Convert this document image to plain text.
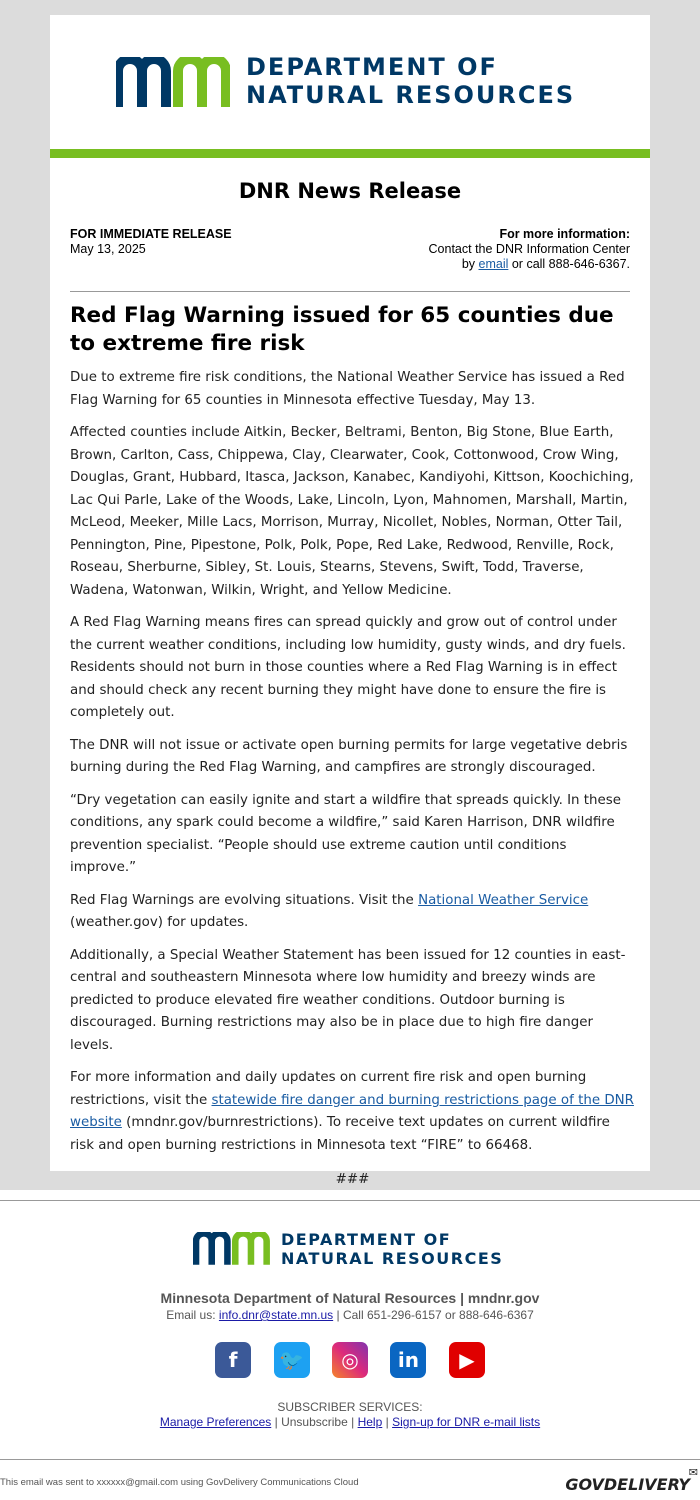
DEPARTMENT OF
NATURAL RESOURCES
DNR News Release
FOR IMMEDIATE RELEASE
May 13, 2025
For more information:
Contact the DNR Information Center
by email or call 888-646-6367.
Red Flag Warning issued for 65 counties due to extreme fire risk

Due to extreme fire risk conditions, the National Weather Service has issued a Red Flag Warning for 65 counties in Minnesota effective Tuesday, May 13.

Affected counties include Aitkin, Becker, Beltrami, Benton, Big Stone, Blue Earth, Brown, Carlton, Cass, Chippewa, Clay, Clearwater, Cook, Cottonwood, Crow Wing, Douglas, Grant, Hubbard, Itasca, Jackson, Kanabec, Kandiyohi, Kittson, Koochiching, Lac Qui Parle, Lake of the Woods, Lake, Lincoln, Lyon, Mahnomen, Marshall, Martin, McLeod, Meeker, Mille Lacs, Morrison, Murray, Nicollet, Nobles, Norman, Otter Tail, Pennington, Pine, Pipestone, Polk, Polk, Pope, Red Lake, Redwood, Renville, Rock, Roseau, Sherburne, Sibley, St. Louis, Stearns, Stevens, Swift, Todd, Traverse, Wadena, Watonwan, Wilkin, Wright, and Yellow Medicine.

A Red Flag Warning means fires can spread quickly and grow out of control under the current weather conditions, including low humidity, gusty winds, and dry fuels. Residents should not burn in those counties where a Red Flag Warning is in effect and should check any recent burning they might have done to ensure the fire is completely out.

The DNR will not issue or activate open burning permits for large vegetative debris burning during the Red Flag Warning, and campfires are strongly discouraged.

“Dry vegetation can easily ignite and start a wildfire that spreads quickly. In these conditions, any spark could become a wildfire,” said Karen Harrison, DNR wildfire prevention specialist. “People should use extreme caution until conditions improve.”

Red Flag Warnings are evolving situations. Visit the National Weather Service (weather.gov) for updates.

Additionally, a Special Weather Statement has been issued for 12 counties in east-central and southeastern Minnesota where low humidity and breezy winds are predicted to produce elevated fire weather conditions. Outdoor burning is discouraged. Burning restrictions may also be in place due to high fire danger levels.

For more information and daily updates on current fire risk and open burning restrictions, visit the statewide fire danger and burning restrictions page of the DNR website (mndnr.gov/burnrestrictions). To receive text updates on current wildfire risk and open burning restrictions in Minnesota text “FIRE” to 66468.

###

DEPARTMENT OF
NATURAL RESOURCES
Minnesota Department of Natural Resources | mndnr.gov
Email us: info.dnr@state.mn.us | Call 651-296-6157 or 888-646-6367
f 🐦 ◎ in ▶
SUBSCRIBER SERVICES:
Manage Preferences | Unsubscribe | Help | Sign-up for DNR e-mail lists
This email was sent to xxxxxx@gmail.com using GovDelivery Communications Cloud	GOVDELIVERY
✉
